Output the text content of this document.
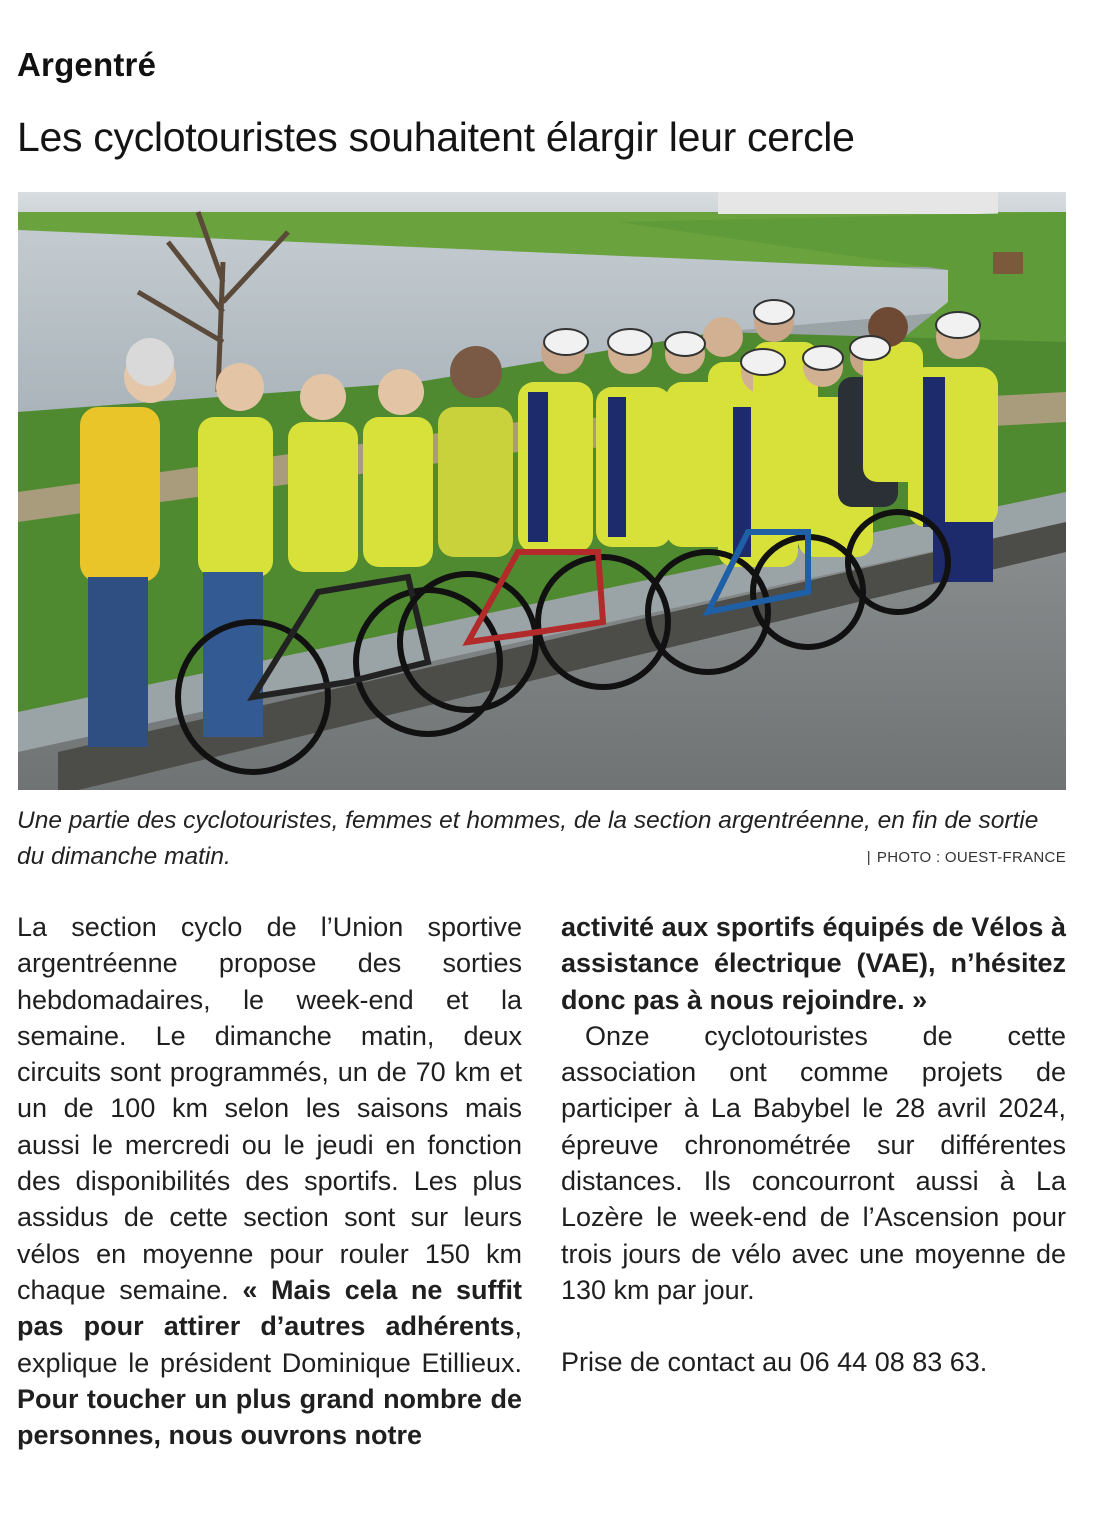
Argentré
Les cyclotouristes souhaitent élargir leur cercle
Une partie des cyclotouristes, femmes et hommes, de la section argentréenne, en fin de sortie du dimanche matin.	| PHOTO : OUEST-FRANCE

La section cyclo de l’Union sportive argentréenne propose des sorties hebdomadaires, le week-end et la semaine. Le dimanche matin, deux circuits sont programmés, un de 70 km et un de 100 km selon les saisons mais aussi le mercredi ou le jeudi en fonction des disponibilités des sportifs. Les plus assidus de cette section sont sur leurs vélos en moyenne pour rouler 150 km chaque semaine. « Mais cela ne suffit pas pour attirer d’autres adhérents, explique le président Dominique Etillieux. Pour toucher un plus grand nombre de personnes, nous ouvrons notre

activité aux sportifs équipés de Vélos à assistance électrique (VAE), n’hésitez donc pas à nous rejoindre. »

Onze cyclotouristes de cette association ont comme projets de participer à La Babybel le 28 avril 2024, épreuve chronométrée sur différentes distances. Ils concourront aussi à La Lozère le week-end de l’Ascension pour trois jours de vélo avec une moyenne de 130 km par jour.

Prise de contact au 06 44 08 83 63.
